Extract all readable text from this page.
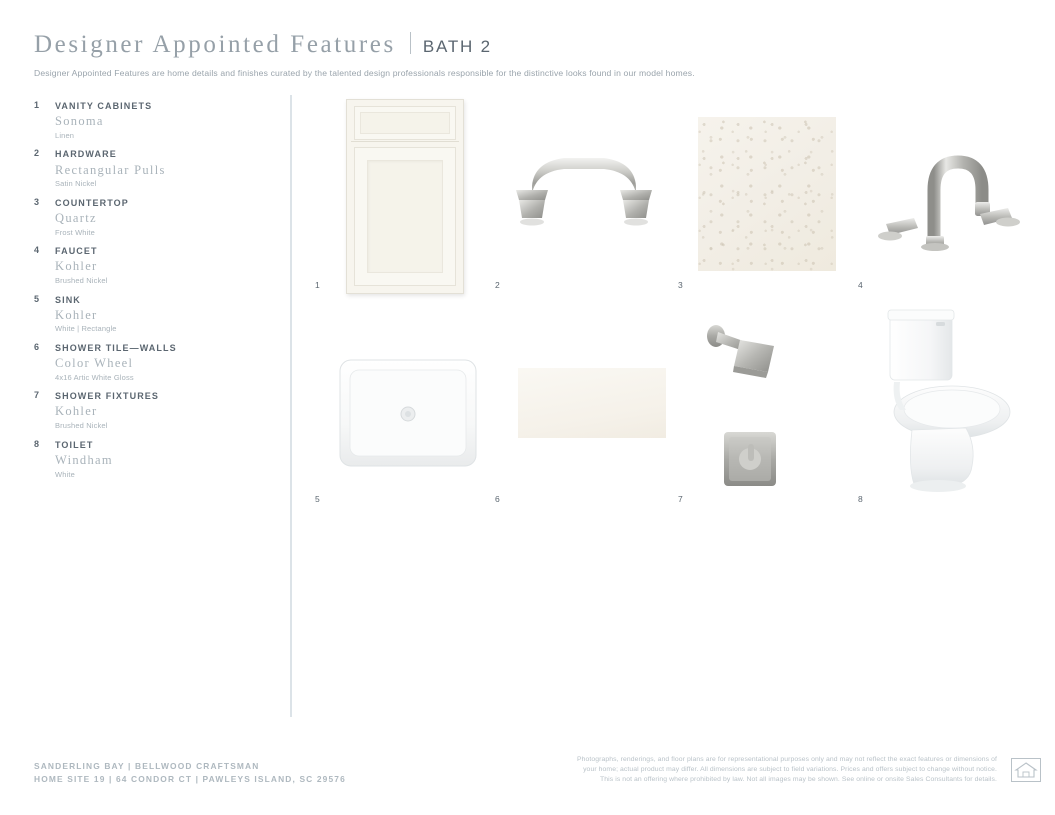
Designer Appointed Features BATH 2
Designer Appointed Features are home details and finishes curated by the talented design professionals responsible for the distinctive looks found in our model homes.
1 VANITY CABINETS
Sonoma
Linen
2 HARDWARE
Rectangular Pulls
Satin Nickel
3 COUNTERTOP
Quartz
Frost White
4 FAUCET
Kohler
Brushed Nickel
5 SINK
Kohler
White | Rectangle
6 SHOWER TILE—WALLS
Color Wheel
4x16 Artic White Gloss
7 SHOWER FIXTURES
Kohler
Brushed Nickel
8 TOILET
Windham
White
1	2	3	4
5	6	7	8
SANDERLING BAY | BELLWOOD CRAFTSMAN
HOME SITE 19 | 64 CONDOR CT | PAWLEYS ISLAND, SC 29576
Photographs, renderings, and floor plans are for representational purposes only and may not reflect the exact features or dimensions of
your home; actual product may differ. All dimensions are subject to field variations. Prices and offers subject to change without notice.
This is not an offering where prohibited by law. Not all images may be shown. See online or onsite Sales Consultants for details.
